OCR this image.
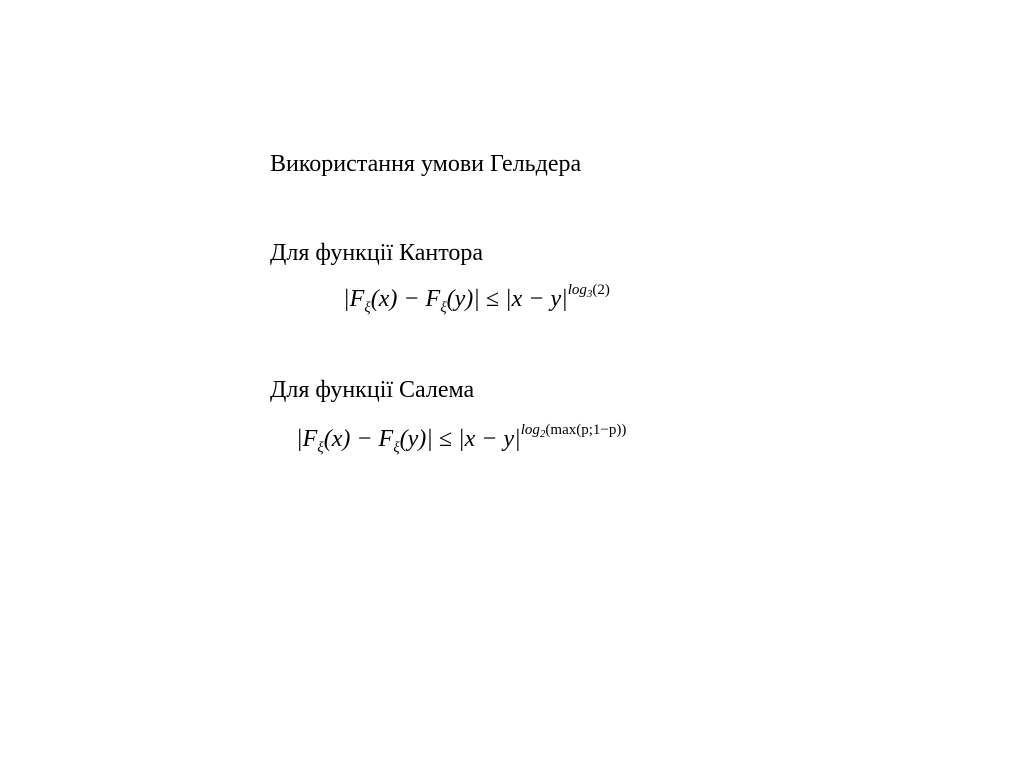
Використання умови Гельдера
Для функції Кантора
$|F_\xi(x) - F_\xi(y)| \le |x - y|^{log_3(2)}$
Для функції Салема
$|F_\xi(x) - F_\xi(y)| \le |x - y|^{log_2(max(p;1-p))}$
